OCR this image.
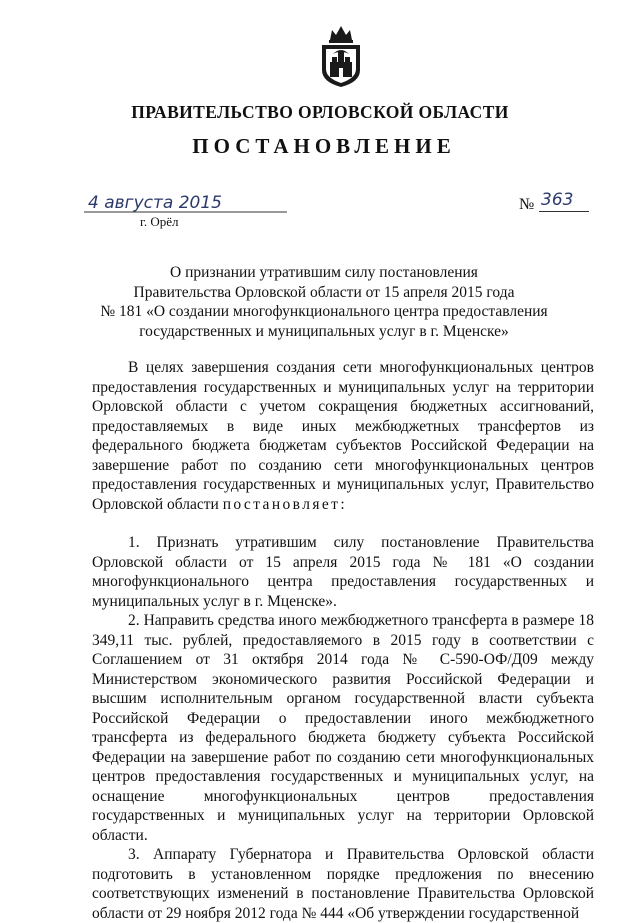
ПРАВИТЕЛЬСТВО ОРЛОВСКОЙ ОБЛАСТИ
ПОСТАНОВЛЕНИЕ
4 августа 2015
г. Орёл
№ 363
О признании утратившим силу постановления
Правительства Орловской области от 15 апреля 2015 года
№ 181 «О создании многофункционального центра предоставления
государственных и муниципальных услуг в г. Мценске»

В целях завершения создания сети многофункциональных центров предоставления государственных и муниципальных услуг на территории Орловской области с учетом сокращения бюджетных ассигнований, предоставляемых в виде иных межбюджетных трансфертов из федерального бюджета бюджетам субъектов Российской Федерации на завершение работ по созданию сети многофункциональных центров предоставления государственных и муниципальных услуг, Правительство Орловской области постановляет:

1. Признать утратившим силу постановление Правительства Орловской области от 15 апреля 2015 года № 181 «О создании многофункционального центра предоставления государственных и муниципальных услуг в г. Мценске».

2. Направить средства иного межбюджетного трансферта в размере 18 349,11 тыс. рублей, предоставляемого в 2015 году в соответствии с Соглашением от 31 октября 2014 года № С-590-ОФ/Д09 между Министерством экономического развития Российской Федерации и высшим исполнительным органом государственной власти субъекта Российской Федерации о предоставлении иного межбюджетного трансферта из федерального бюджета бюджету субъекта Российской Федерации на завершение работ по созданию сети многофункциональных центров предоставления государственных и муниципальных услуг, на оснащение многофункциональных центров предоставления государственных и муниципальных услуг на территории Орловской области.

3. Аппарату Губернатора и Правительства Орловской области подготовить в установленном порядке предложения по внесению соответствующих изменений в постановление Правительства Орловской области от 29 ноября 2012 года № 444 «Об утверждении государственной
